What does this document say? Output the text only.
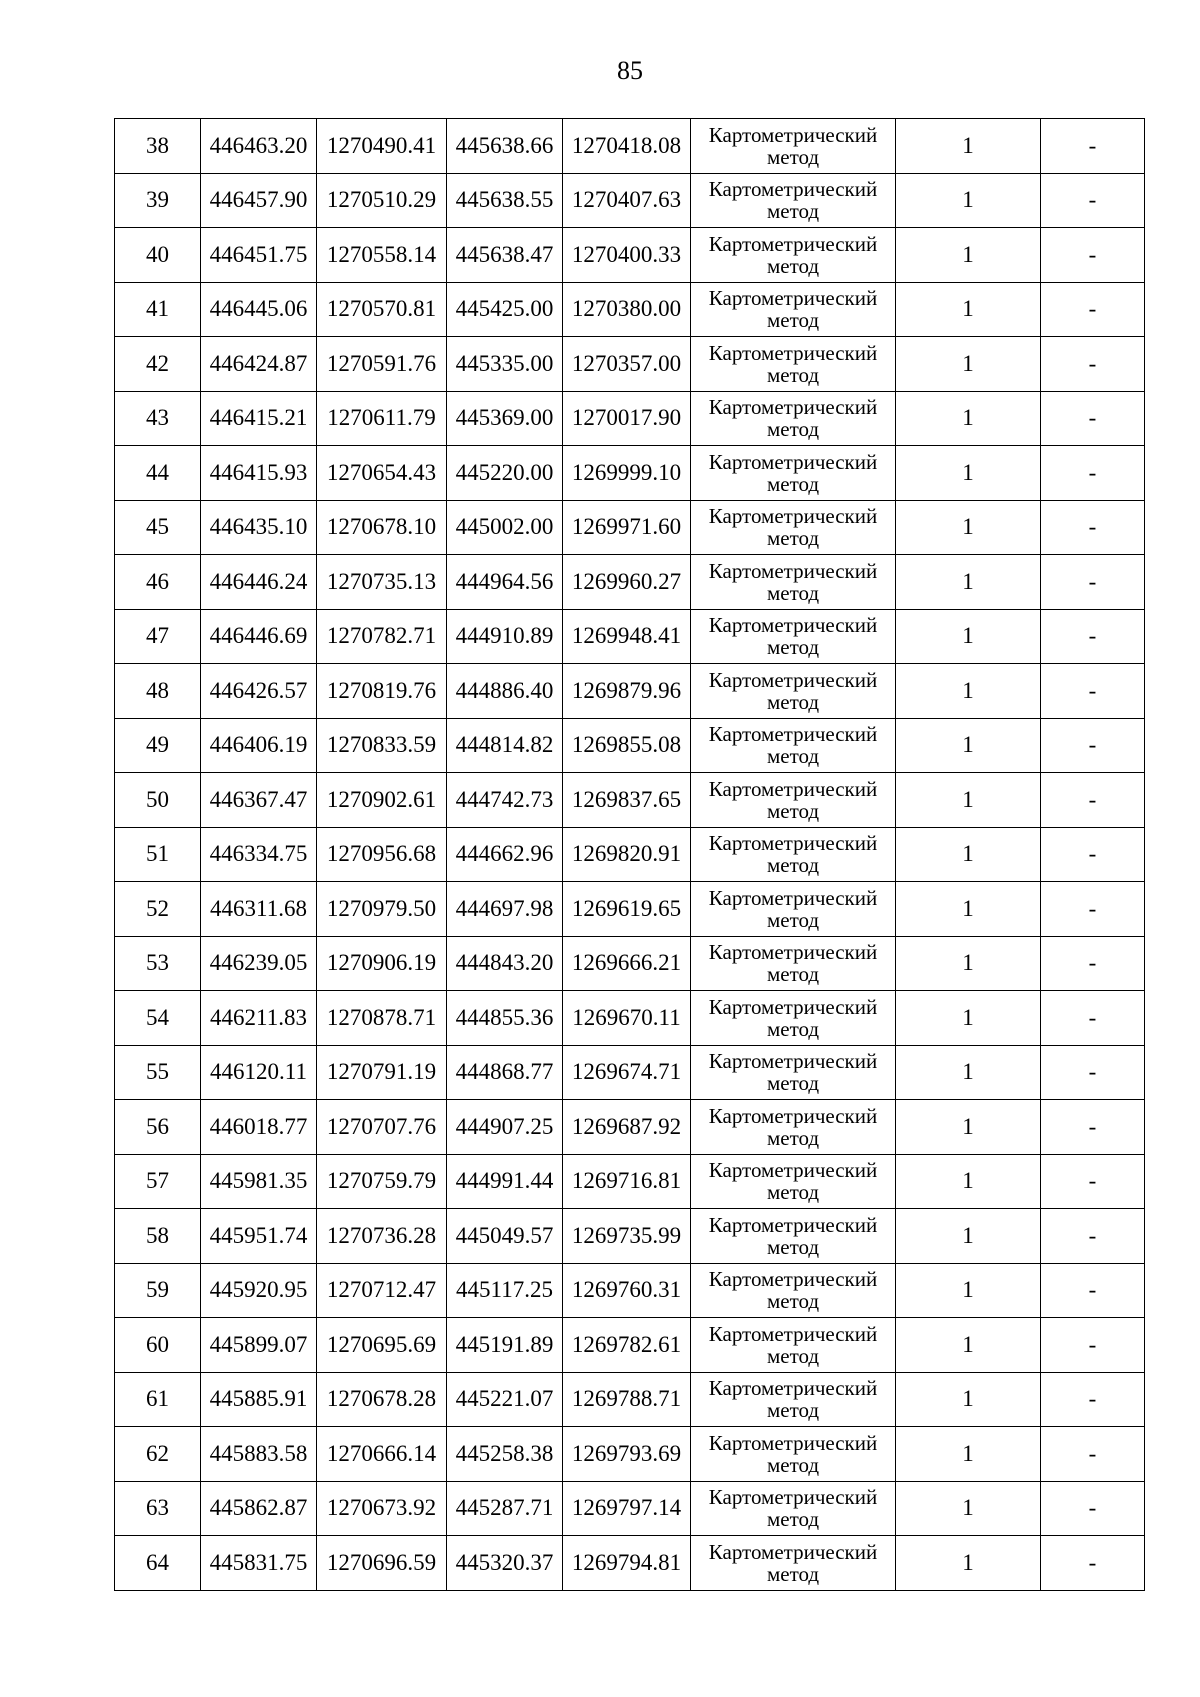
85
38	446463.20	1270490.41	445638.66	1270418.08	Картометрический
метод	1	-
39	446457.90	1270510.29	445638.55	1270407.63	Картометрический
метод	1	-
40	446451.75	1270558.14	445638.47	1270400.33	Картометрический
метод	1	-
41	446445.06	1270570.81	445425.00	1270380.00	Картометрический
метод	1	-
42	446424.87	1270591.76	445335.00	1270357.00	Картометрический
метод	1	-
43	446415.21	1270611.79	445369.00	1270017.90	Картометрический
метод	1	-
44	446415.93	1270654.43	445220.00	1269999.10	Картометрический
метод	1	-
45	446435.10	1270678.10	445002.00	1269971.60	Картометрический
метод	1	-
46	446446.24	1270735.13	444964.56	1269960.27	Картометрический
метод	1	-
47	446446.69	1270782.71	444910.89	1269948.41	Картометрический
метод	1	-
48	446426.57	1270819.76	444886.40	1269879.96	Картометрический
метод	1	-
49	446406.19	1270833.59	444814.82	1269855.08	Картометрический
метод	1	-
50	446367.47	1270902.61	444742.73	1269837.65	Картометрический
метод	1	-
51	446334.75	1270956.68	444662.96	1269820.91	Картометрический
метод	1	-
52	446311.68	1270979.50	444697.98	1269619.65	Картометрический
метод	1	-
53	446239.05	1270906.19	444843.20	1269666.21	Картометрический
метод	1	-
54	446211.83	1270878.71	444855.36	1269670.11	Картометрический
метод	1	-
55	446120.11	1270791.19	444868.77	1269674.71	Картометрический
метод	1	-
56	446018.77	1270707.76	444907.25	1269687.92	Картометрический
метод	1	-
57	445981.35	1270759.79	444991.44	1269716.81	Картометрический
метод	1	-
58	445951.74	1270736.28	445049.57	1269735.99	Картометрический
метод	1	-
59	445920.95	1270712.47	445117.25	1269760.31	Картометрический
метод	1	-
60	445899.07	1270695.69	445191.89	1269782.61	Картометрический
метод	1	-
61	445885.91	1270678.28	445221.07	1269788.71	Картометрический
метод	1	-
62	445883.58	1270666.14	445258.38	1269793.69	Картометрический
метод	1	-
63	445862.87	1270673.92	445287.71	1269797.14	Картометрический
метод	1	-
64	445831.75	1270696.59	445320.37	1269794.81	Картометрический
метод	1	-
